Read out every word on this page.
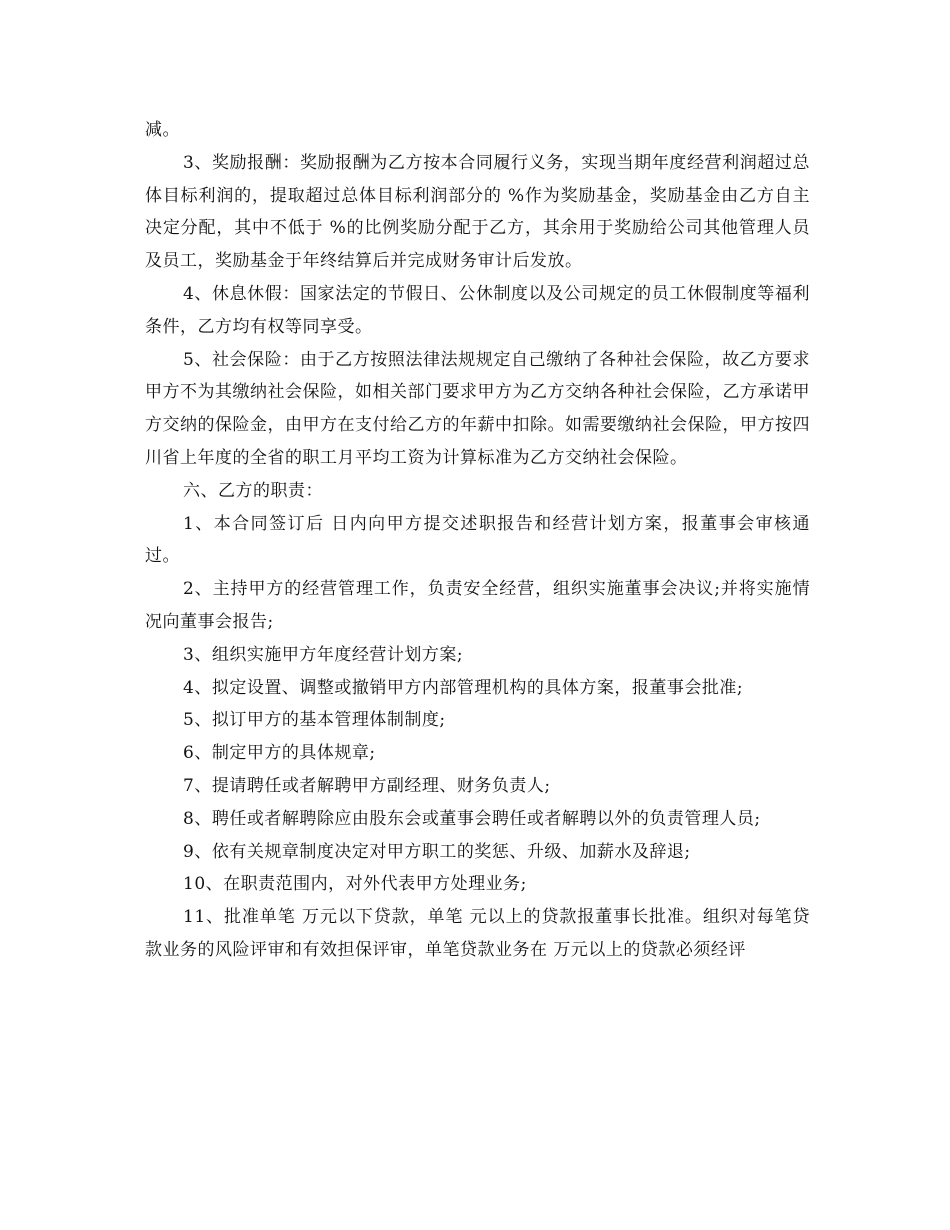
减。

3、奖励报酬：奖励报酬为乙方按本合同履行义务，实现当期年度经营利润超过总体目标利润的，提取超过总体目标利润部分的 %作为奖励基金，奖励基金由乙方自主决定分配，其中不低于 %的比例奖励分配于乙方，其余用于奖励给公司其他管理人员及员工，奖励基金于年终结算后并完成财务审计后发放。

4、休息休假：国家法定的节假日、公休制度以及公司规定的员工休假制度等福利条件，乙方均有权等同享受。

5、社会保险：由于乙方按照法律法规规定自己缴纳了各种社会保险，故乙方要求甲方不为其缴纳社会保险，如相关部门要求甲方为乙方交纳各种社会保险，乙方承诺甲方交纳的保险金，由甲方在支付给乙方的年薪中扣除。如需要缴纳社会保险，甲方按四川省上年度的全省的职工月平均工资为计算标准为乙方交纳社会保险。

六、乙方的职责：

1、本合同签订后 日内向甲方提交述职报告和经营计划方案，报董事会审核通过。

2、主持甲方的经营管理工作，负责安全经营，组织实施董事会决议;并将实施情况向董事会报告;

3、组织实施甲方年度经营计划方案;

4、拟定设置、调整或撤销甲方内部管理机构的具体方案，报董事会批准;

5、拟订甲方的基本管理体制制度;

6、制定甲方的具体规章;

7、提请聘任或者解聘甲方副经理、财务负责人;

8、聘任或者解聘除应由股东会或董事会聘任或者解聘以外的负责管理人员;

9、依有关规章制度决定对甲方职工的奖惩、升级、加薪水及辞退;

10、在职责范围内，对外代表甲方处理业务;

11、批准单笔 万元以下贷款，单笔 元以上的贷款报董事长批准。组织对每笔贷款业务的风险评审和有效担保评审，单笔贷款业务在 万元以上的贷款必须经评
